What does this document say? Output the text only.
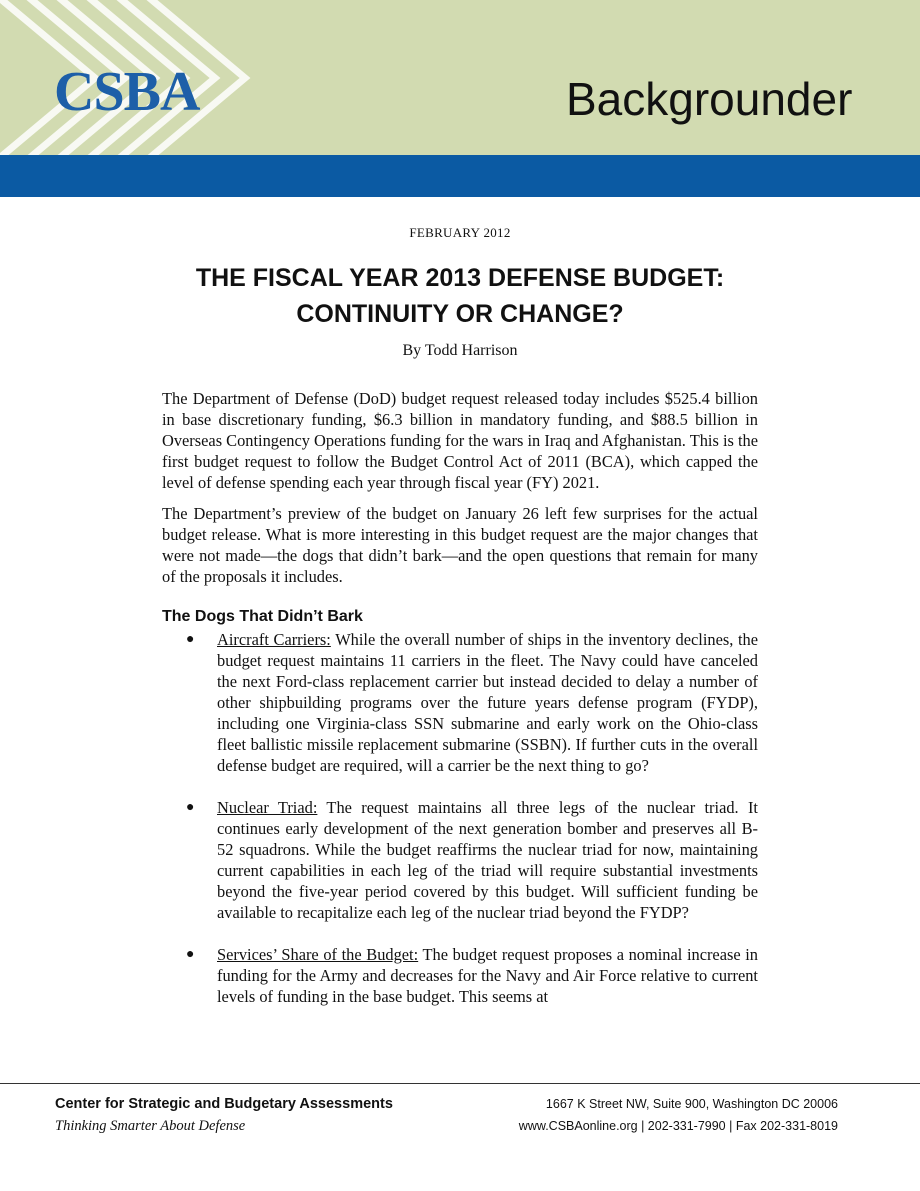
CSBA	Backgrounder
FEBRUARY 2012
THE FISCAL YEAR 2013 DEFENSE BUDGET:
CONTINUITY OR CHANGE?
By Todd Harrison

The Department of Defense (DoD) budget request released today includes $525.4 billion in base discretionary funding, $6.3 billion in mandatory funding, and $88.5 billion in Overseas Contingency Operations funding for the wars in Iraq and Afghanistan. This is the first budget request to follow the Budget Control Act of 2011 (BCA), which capped the level of defense spending each year through fiscal year (FY) 2021.

The Department’s preview of the budget on January 26 left few surprises for the actual budget release. What is more interesting in this budget request are the major changes that were not made—the dogs that didn’t bark—and the open questions that remain for many of the proposals it includes.

The Dogs That Didn’t Bark
● Aircraft Carriers: While the overall number of ships in the inventory declines, the budget request maintains 11 carriers in the fleet. The Navy could have canceled the next Ford-class replacement carrier but instead decided to delay a number of other shipbuilding programs over the future years defense program (FYDP), including one Virginia-class SSN submarine and early work on the Ohio-class fleet ballistic missile replacement submarine (SSBN). If further cuts in the overall defense budget are required, will a carrier be the next thing to go?
● Nuclear Triad: The request maintains all three legs of the nuclear triad. It continues early development of the next generation bomber and preserves all B-52 squadrons. While the budget reaffirms the nuclear triad for now, maintaining current capabilities in each leg of the triad will require substantial investments beyond the five-year period covered by this budget. Will sufficient funding be available to recapitalize each leg of the nuclear triad beyond the FYDP?
● Services’ Share of the Budget: The budget request proposes a nominal increase in funding for the Army and decreases for the Navy and Air Force relative to current levels of funding in the base budget. This seems at
Center for Strategic and Budgetary Assessments
Thinking Smarter About Defense
1667 K Street NW, Suite 900, Washington DC 20006
www.CSBAonline.org | 202-331-7990 | Fax 202-331-8019
